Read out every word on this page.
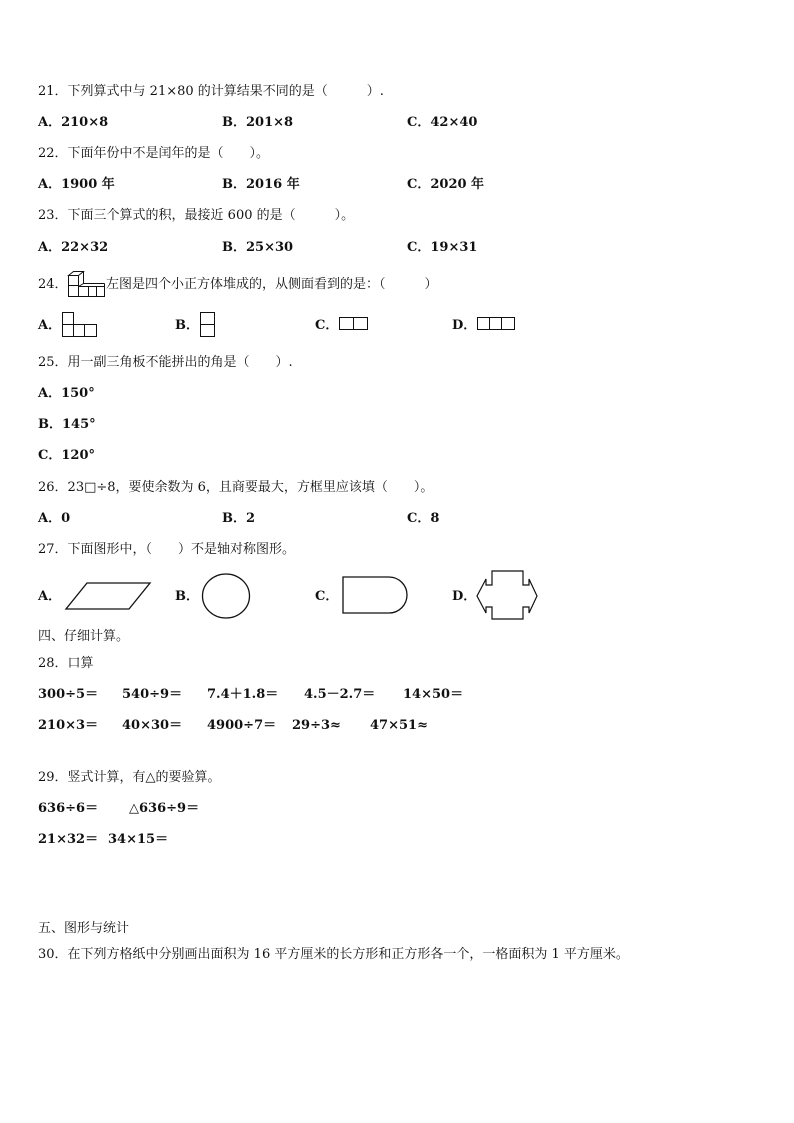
21．下列算式中与 21×80 的计算结果不同的是（　　　）.
A．210×8	B．201×8	C．42×40
22．下面年份中不是闰年的是（　　）。
A．1900 年	B．2016 年	C．2020 年
23．下面三个算式的积，最接近 600 的是（　　　）。
A．22×32	B．25×30	C．19×31
24．	左图是四个小正方体堆成的，从侧面看到的是：（　　　）
A．	B．	C．	D．
25．用一副三角板不能拼出的角是（　　）.
A．150°
B．145°
C．120°
26．23□÷8，要使余数为 6，且商要最大，方框里应该填（　　）。
A．0	B．2	C．8
27．下面图形中，（　　）不是轴对称图形。
A．	B．	C．	D．
四、仔细计算。
28．口算
300÷5＝ 540÷9＝ 7.4＋1.8＝ 4.5－2.7＝ 14×50＝
210×3＝ 40×30＝ 4900÷7＝ 29÷3≈ 47×51≈
29．竖式计算，有△的要验算。
636÷6＝ △636÷9＝
21×32＝ 34×15＝
五、图形与统计
30．在下列方格纸中分别画出面积为 16 平方厘米的长方形和正方形各一个，一格面积为 1 平方厘米。
